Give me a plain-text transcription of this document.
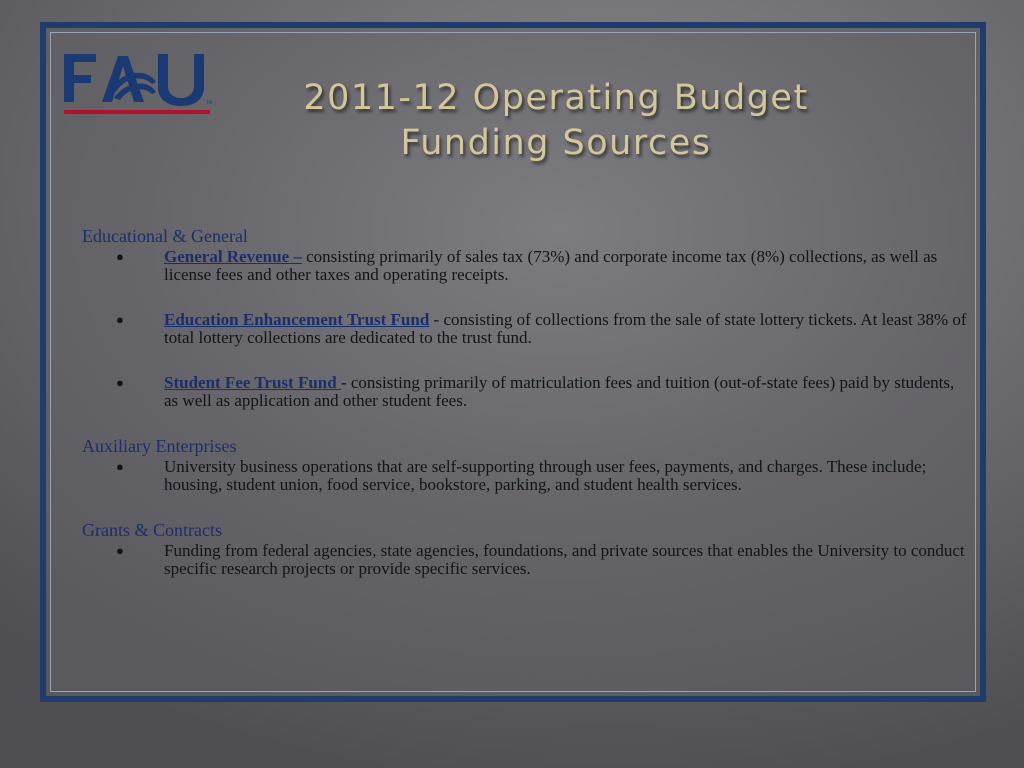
TM	2011-12 Operating Budget
Funding Sources
Educational & General
● General Revenue – consisting primarily of sales tax (73%) and corporate income tax (8%) collections, as well as license fees and other taxes and operating receipts.
● Education Enhancement Trust Fund - consisting of collections from the sale of state lottery tickets. At least 38% of total lottery collections are dedicated to the trust fund.
● Student Fee Trust Fund - consisting primarily of matriculation fees and tuition (out-of-state fees) paid by students, as well as application and other student fees.
Auxiliary Enterprises
● University business operations that are self-supporting through user fees, payments, and charges. These include; housing, student union, food service, bookstore, parking, and student health services.
Grants & Contracts
● Funding from federal agencies, state agencies, foundations, and private sources that enables the University to conduct specific research projects or provide specific services.
